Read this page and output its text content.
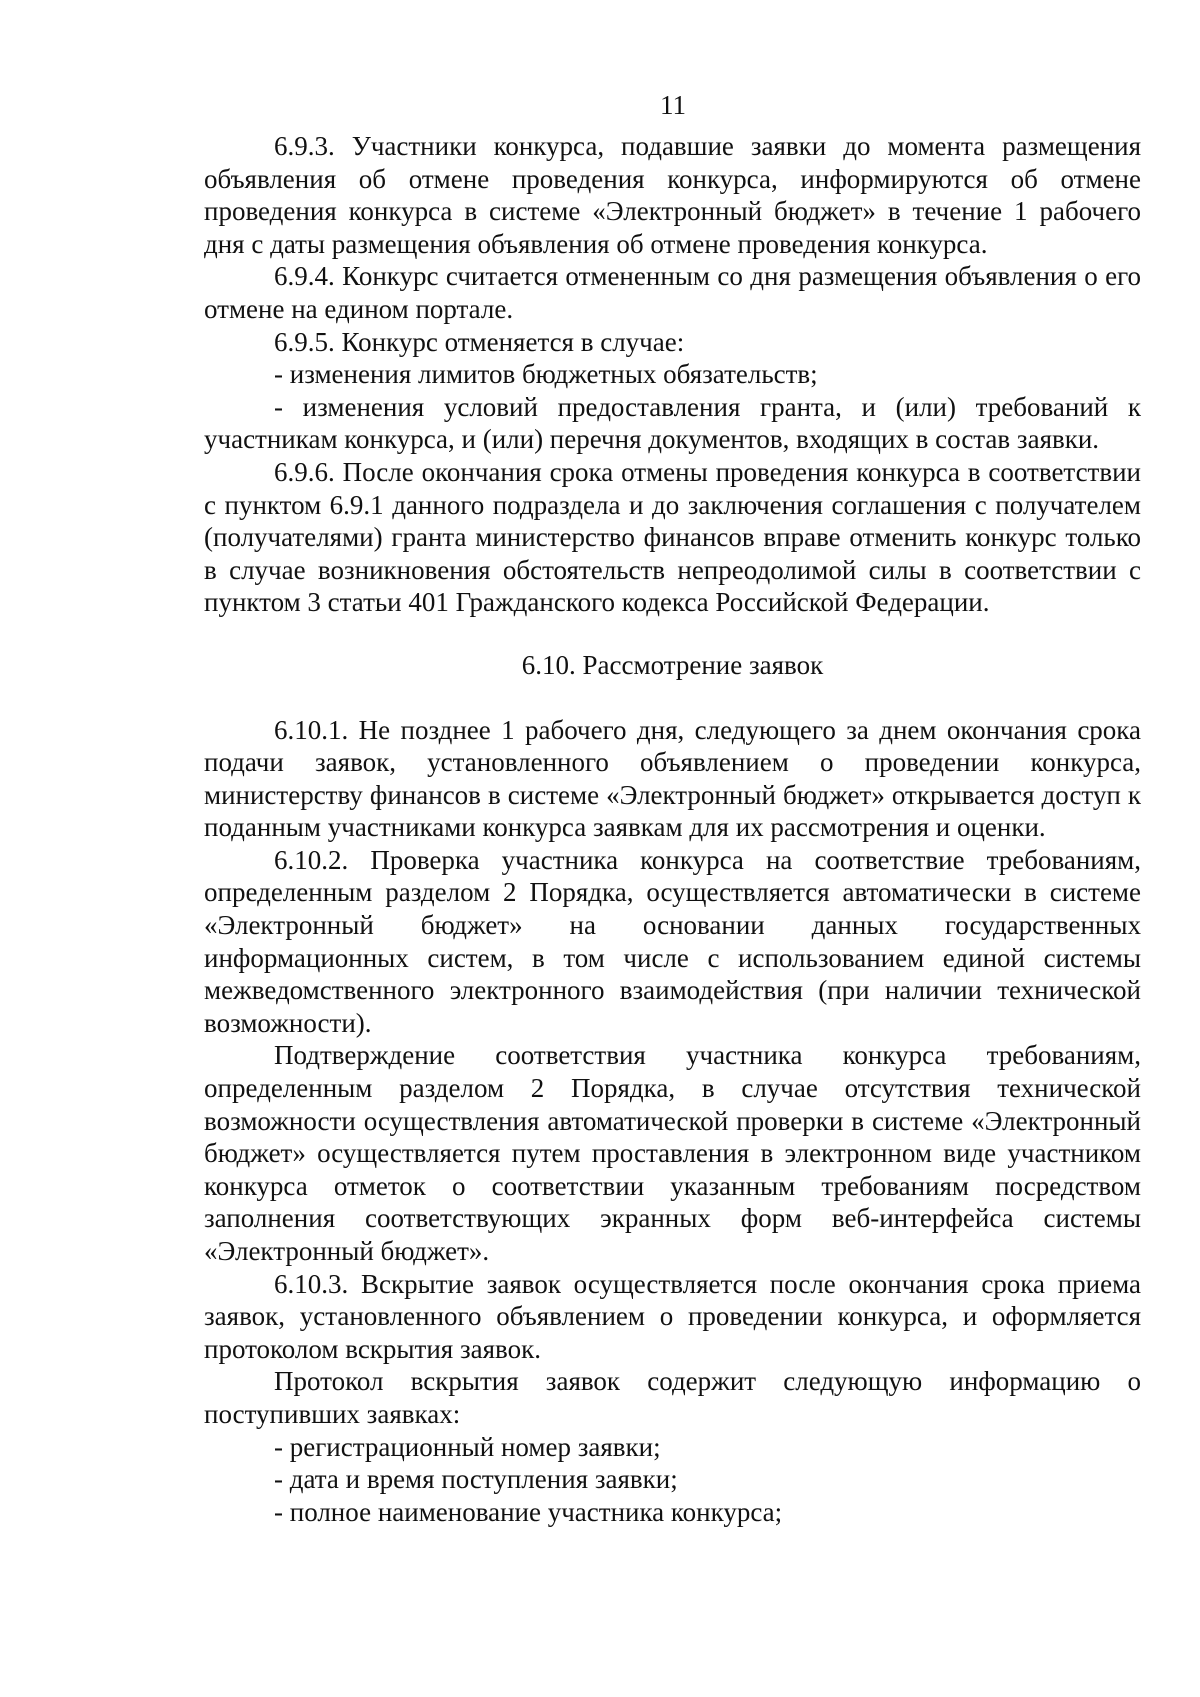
11

6.9.3. Участники конкурса, подавшие заявки до момента размещения объявления об отмене проведения конкурса, информируются об отмене проведения конкурса в системе «Электронный бюджет» в течение 1 рабочего дня с даты размещения объявления об отмене проведения конкурса.

6.9.4. Конкурс считается отмененным со дня размещения объявления о его отмене на едином портале.

6.9.5. Конкурс отменяется в случае:

- изменения лимитов бюджетных обязательств;

- изменения условий предоставления гранта, и (или) требований к участникам конкурса, и (или) перечня документов, входящих в состав заявки.

6.9.6. После окончания срока отмены проведения конкурса в соответствии с пунктом 6.9.1 данного подраздела и до заключения соглашения с получателем (получателями) гранта министерство финансов вправе отменить конкурс только в случае возникновения обстоятельств непреодолимой силы в соответствии с пунктом 3 статьи 401 Гражданского кодекса Российской Федерации.

6.10. Рассмотрение заявок

6.10.1. Не позднее 1 рабочего дня, следующего за днем окончания срока подачи заявок, установленного объявлением о проведении конкурса, министерству финансов в системе «Электронный бюджет» открывается доступ к поданным участниками конкурса заявкам для их рассмотрения и оценки.

6.10.2. Проверка участника конкурса на соответствие требованиям, определенным разделом 2 Порядка, осуществляется автоматически в системе «Электронный бюджет» на основании данных государственных информационных систем, в том числе с использованием единой системы межведомственного электронного взаимодействия (при наличии технической возможности).

Подтверждение соответствия участника конкурса требованиям, определенным разделом 2 Порядка, в случае отсутствия технической возможности осуществления автоматической проверки в системе «Электронный бюджет» осуществляется путем проставления в электронном виде участником конкурса отметок о соответствии указанным требованиям посредством заполнения соответствующих экранных форм веб-интерфейса системы «Электронный бюджет».

6.10.3. Вскрытие заявок осуществляется после окончания срока приема заявок, установленного объявлением о проведении конкурса, и оформляется протоколом вскрытия заявок.

Протокол вскрытия заявок содержит следующую информацию о поступивших заявках:

- регистрационный номер заявки;

- дата и время поступления заявки;

- полное наименование участника конкурса;
